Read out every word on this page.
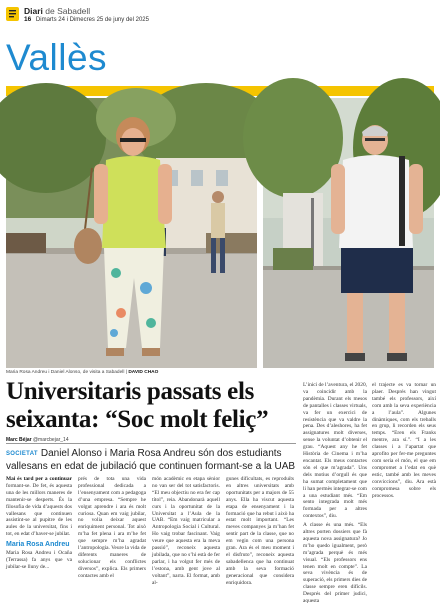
Diari de Sabadell
16 Dimarts 24 i Dimecres 25 de juny del 2025
Vallès
Maria Rosa Andreu i Daniel Alonso, de visita a Sabadell | DAVID CHAO
Universitaris passats els seixanta: “Soc molt feliç”
Marc Béjar @marcbejar_14
SOCIETAT Daniel Alonso i Maria Rosa Andreu són dos estudiants vallesans en edat de jubilació que continuen formant-se a la UAB

Mai és tard per a continuar formant-se. De fet, és aquesta una de les millors maneres de mantenir-se desperts. És la filosofia de vida d’aquests dos vallesans que continuen assistint-se al pupitre de les aules de la universitat, fins i tot, en edat d’haver-se jubilat.

Maria Rosa Andreu

Maria Rosa Andreu i Ocaña (Terrassa) fa anys que va jubilar-se lluny de...

prés de tota una vida professional dedicada a l’ensenyament com a pedagoga d’una empresa. “Sempre he volgut aprendre i ara és molt curiosa. Quan em vaig jubilar, no volia deixar aquest enriquiment personal. Tot això m’ha fet plena i ara m’he fet que sempre m’ha agradat l’antropologia. Veure la vida de diferents maneres de solucionar els conflictes diversos”, explica. Els primers contactes amb el

món acadèmic en etapa sènior no van ser del tot satisfactoris. “El meu objectiu no era fer cap títol”, reia. Abandonarà aquell curs i la oportunitat de la Universitat a l’Aula de la UAB. “Em vaig matricular a Antropologia Social i Cultural. Ho vaig trobar fascinant. Vaig veure que aquesta era la meva passió”, reconeix aquesta jubilada, que no s’hi està de fer parlar, i ha volgut fer més de l’estona, amb gent jove al voltant”, narra. El format, amb al-

gunes dificultats, es reproduïts en altres universitats amb oportunitats per a majors de 55 anys. Ella ha viscut aquesta etapa de ensenyament i la formació que ha rebut i això ha estat molt important. “Les meves companyes ja m’han fet sentir part de la classe, que no em vegin com una persona gran. Ara és el meu moment i el disfruto”, reconeix aquesta sabadellenca que ha continuat amb la seva formació generacional que considera enriquidora.

L’inici de l’aventura, el 2020, va coincidir amb la pandèmia. Durant els mesos de pantalles i classes virtuals, va fer un exercici de resistència que va valdre la pena. Des d’aleshores, ha fet assignatures molt diverses, sense la voluntat d’obtenir el grau. “Aquest any he fet Història de Cinema i m’ha encantat. Els meus contactes són el que m’agrada”. Uns dels motius d’orgull és que ha sumat completament que li han permès integrar-se com a una estudiant més. “Em sento integrada molt més formada per a altres contextos”, diu.

A classe és una més. “Els altres porten dossiers que fà aquesta nova assignatura? Jo m’ho quedo igualment, però m’agrada perquè és més visual. “Els professors ens tenen molt en compte”. La seva vivència és de superació, els primers dies de classe sempre eren difícils. Després del primer judici, aquesta

el trajecte es va tornar un plaer. Després han vingut també els professors, així com amb la seva experiència a l’aula”. Algunes dinàmiques, com els treballs en grup, li recorden els seus temps. “Eren els Franks mentre, ara sí.”. “I a les classes i a l’apartat que aprofito per fer-me preguntes com seria el món, el que em compromet a l’edat en què estic, també amb les meves conviccions”, diu. Ara està compromesa sobre els processos.
